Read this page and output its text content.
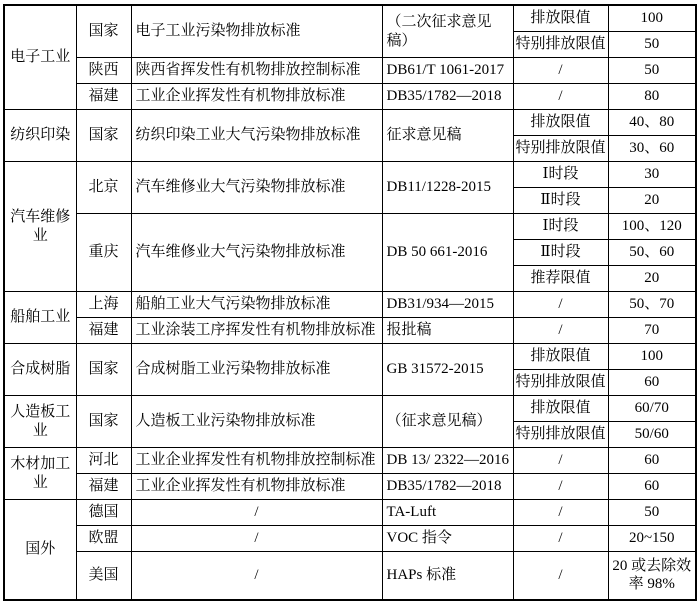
电子工业	国家	电子工业污染物排放标准	（二次征求意见稿）	排放限值	100
				特别排放限值	50
	陕西	陕西省挥发性有机物排放控制标准	DB61/T 1061-2017	/	50
	福建	工业企业挥发性有机物排放标准	DB35/1782—2018	/	80
纺织印染	国家	纺织印染工业大气污染物排放标准	征求意见稿	排放限值	40、80
				特别排放限值	30、60
汽车维修业	北京	汽车维修业大气污染物排放标准	DB11/1228-2015	Ⅰ时段	30
				Ⅱ时段	20
	重庆	汽车维修业大气污染物排放标准	DB 50 661-2016	Ⅰ时段	100、120
				Ⅱ时段	50、60
				推荐限值	20
船舶工业	上海	船舶工业大气污染物排放标准	DB31/934—2015	/	50、70
	福建	工业涂装工序挥发性有机物排放标准	报批稿	/	70
合成树脂	国家	合成树脂工业污染物排放标准	GB 31572-2015	排放限值	100
				特别排放限值	60
人造板工业	国家	人造板工业污染物排放标准	（征求意见稿）	排放限值	60/70
				特别排放限值	50/60
木材加工业	河北	工业企业挥发性有机物排放控制标准	DB 13/ 2322—2016	/	60
	福建	工业企业挥发性有机物排放标准	DB35/1782—2018	/	60
国外	德国	/	TA-Luft	/	50
	欧盟	/	VOC 指令	/	20~150
	美国	/	HAPs 标准	/	20 或去除效率 98%
